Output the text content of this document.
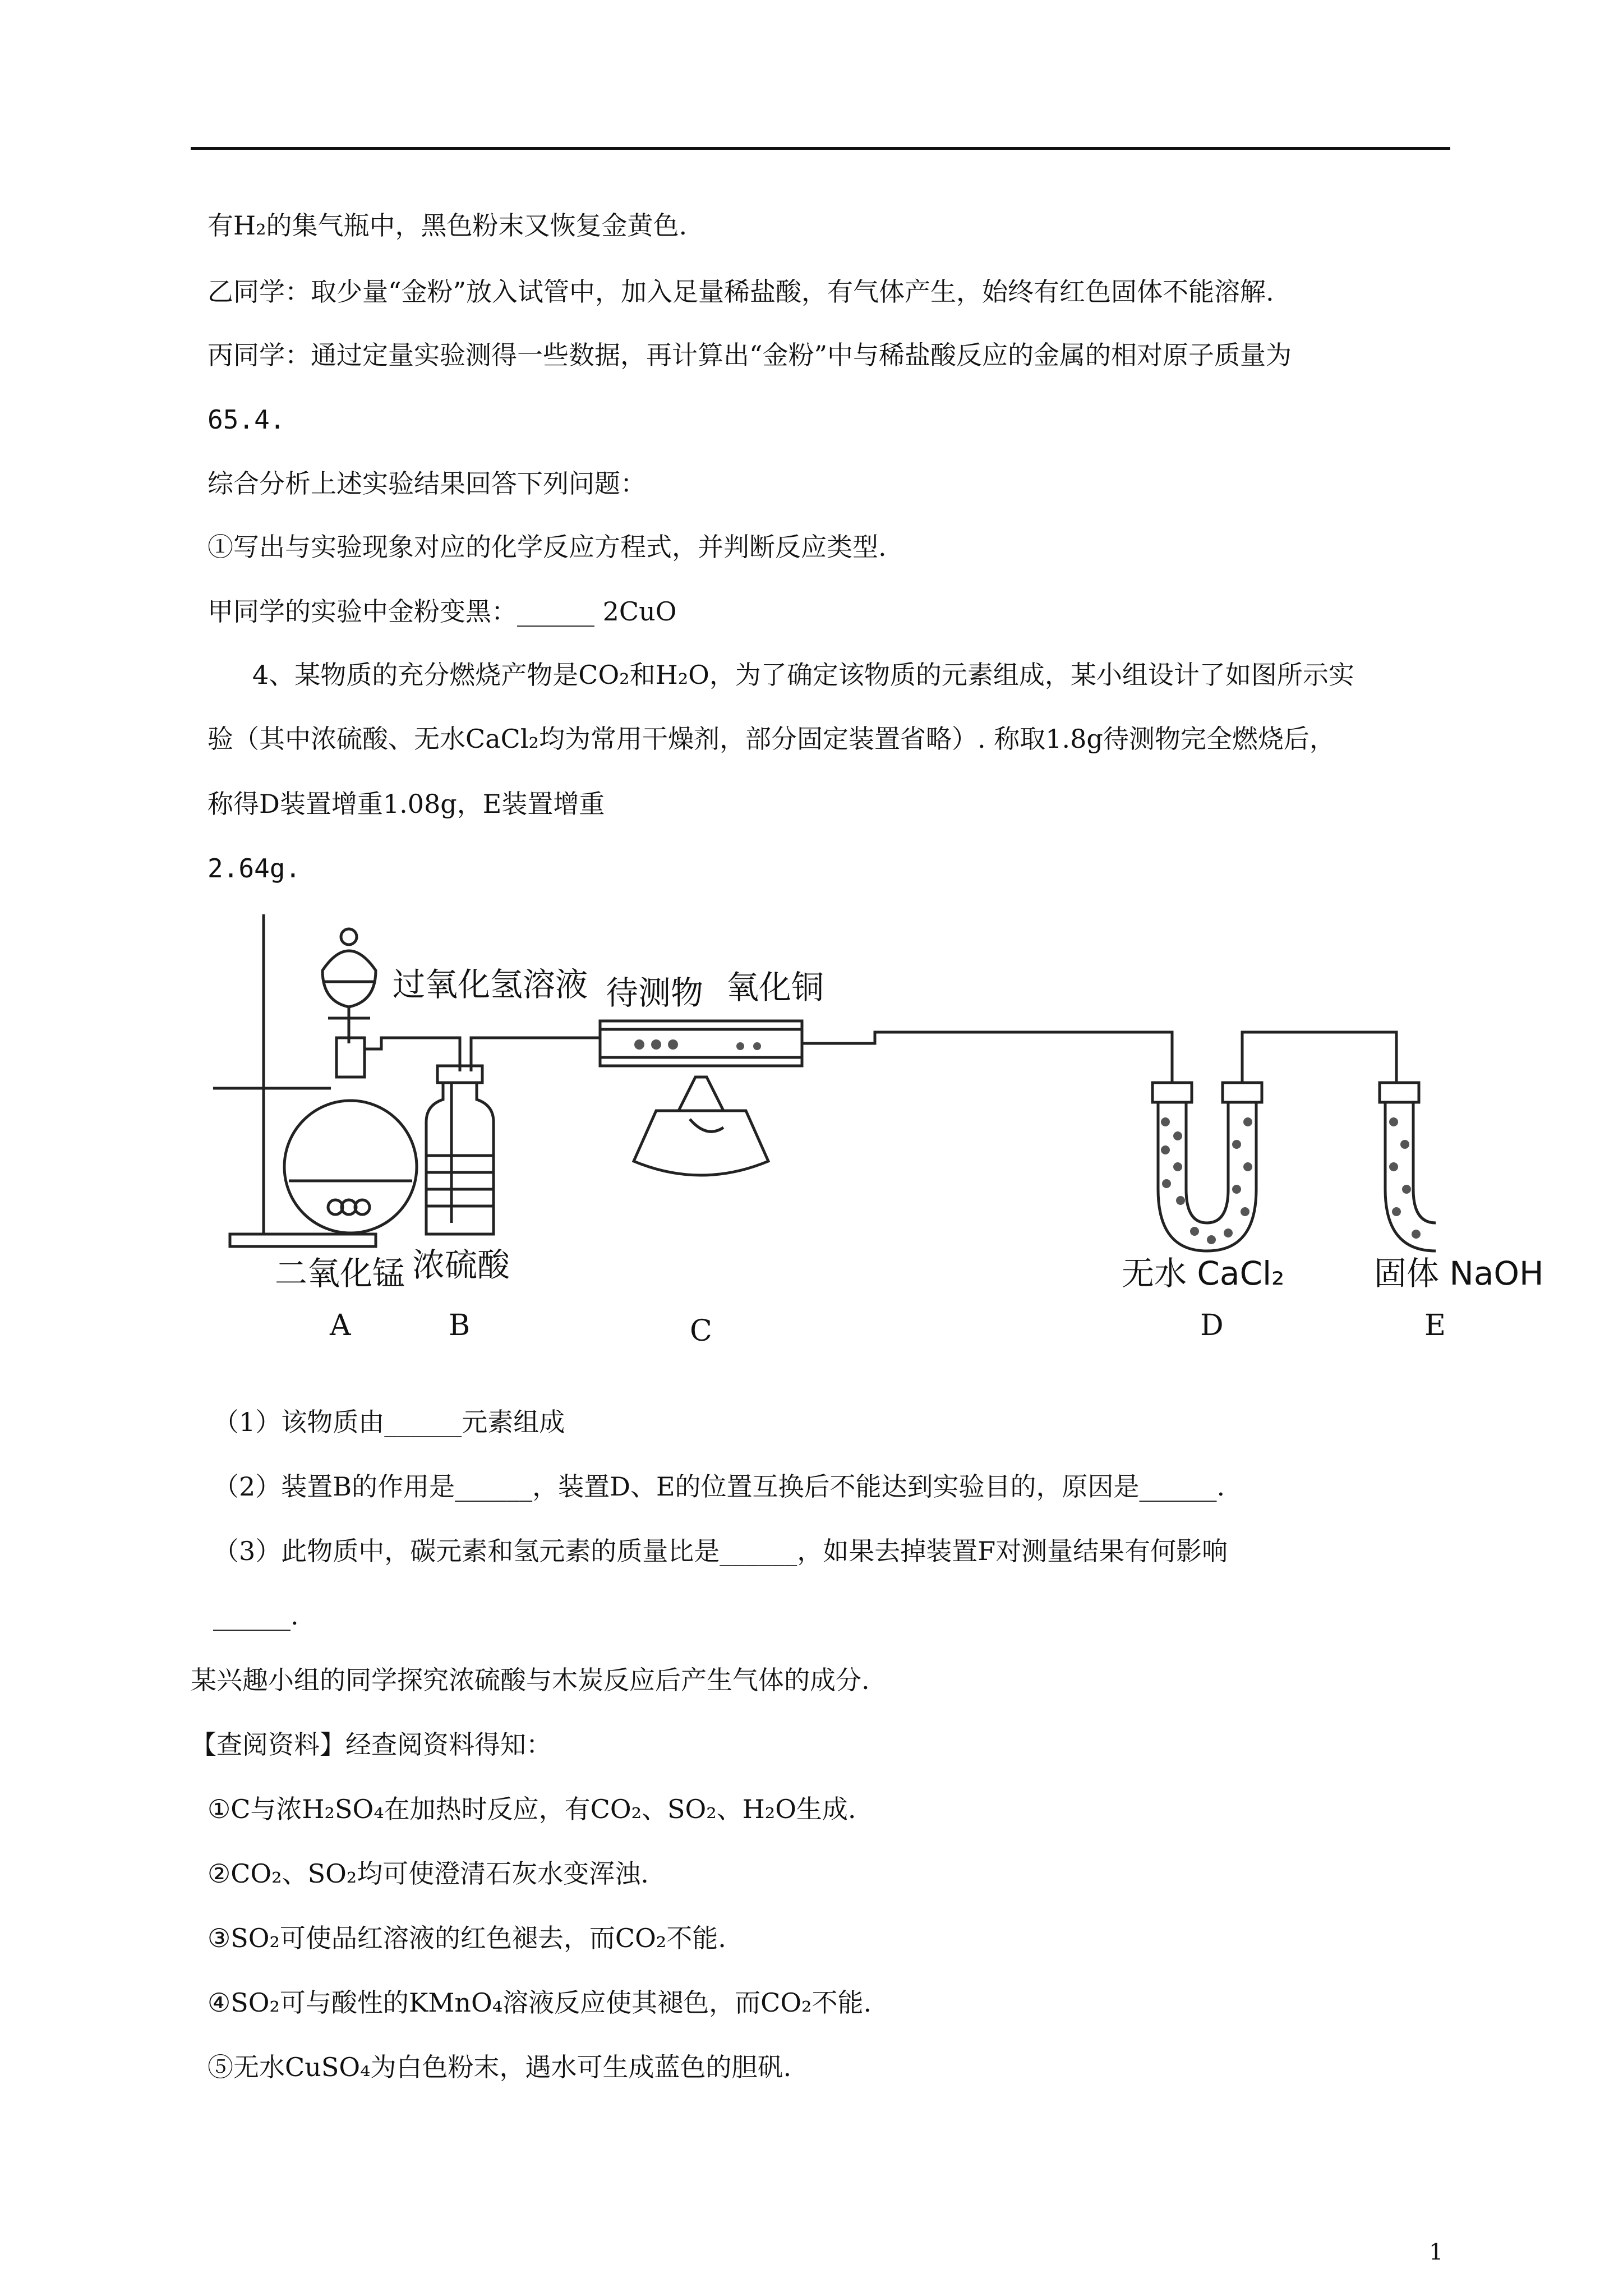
有H₂的集气瓶中，黑色粉末又恢复金黄色.
乙同学：取少量“金粉”放入试管中，加入足量稀盐酸，有气体产生，始终有红色固体不能溶解.
丙同学：通过定量实验测得一些数据，再计算出“金粉”中与稀盐酸反应的金属的相对原子质量为
65.4.
综合分析上述实验结果回答下列问题：
①写出与实验现象对应的化学反应方程式，并判断反应类型.
甲同学的实验中金粉变黑：______ 2CuO
4、某物质的充分燃烧产物是CO₂和H₂O，为了确定该物质的元素组成，某小组设计了如图所示实
验（其中浓硫酸、无水CaCl₂均为常用干燥剂，部分固定装置省略）. 称取1.8g待测物完全燃烧后，
称得D装置增重1.08g，E装置增重
2.64g.
过氧化氢溶液 待测物 氧化铜
二氧化锰 浓硫酸	无水 CaCl₂	固体 NaOH
A	B	C	D	E
（1）该物质由______元素组成
（2）装置B的作用是______，装置D、E的位置互换后不能达到实验目的，原因是______.
（3）此物质中，碳元素和氢元素的质量比是______，如果去掉装置F对测量结果有何影响
______.
某兴趣小组的同学探究浓硫酸与木炭反应后产生气体的成分.
【查阅资料】经查阅资料得知：
①C与浓H₂SO₄在加热时反应，有CO₂、SO₂、H₂O生成.
②CO₂、SO₂均可使澄清石灰水变浑浊.
③SO₂可使品红溶液的红色褪去，而CO₂不能.
④SO₂可与酸性的KMnO₄溶液反应使其褪色，而CO₂不能.
⑤无水CuSO₄为白色粉末，遇水可生成蓝色的胆矾.
1
